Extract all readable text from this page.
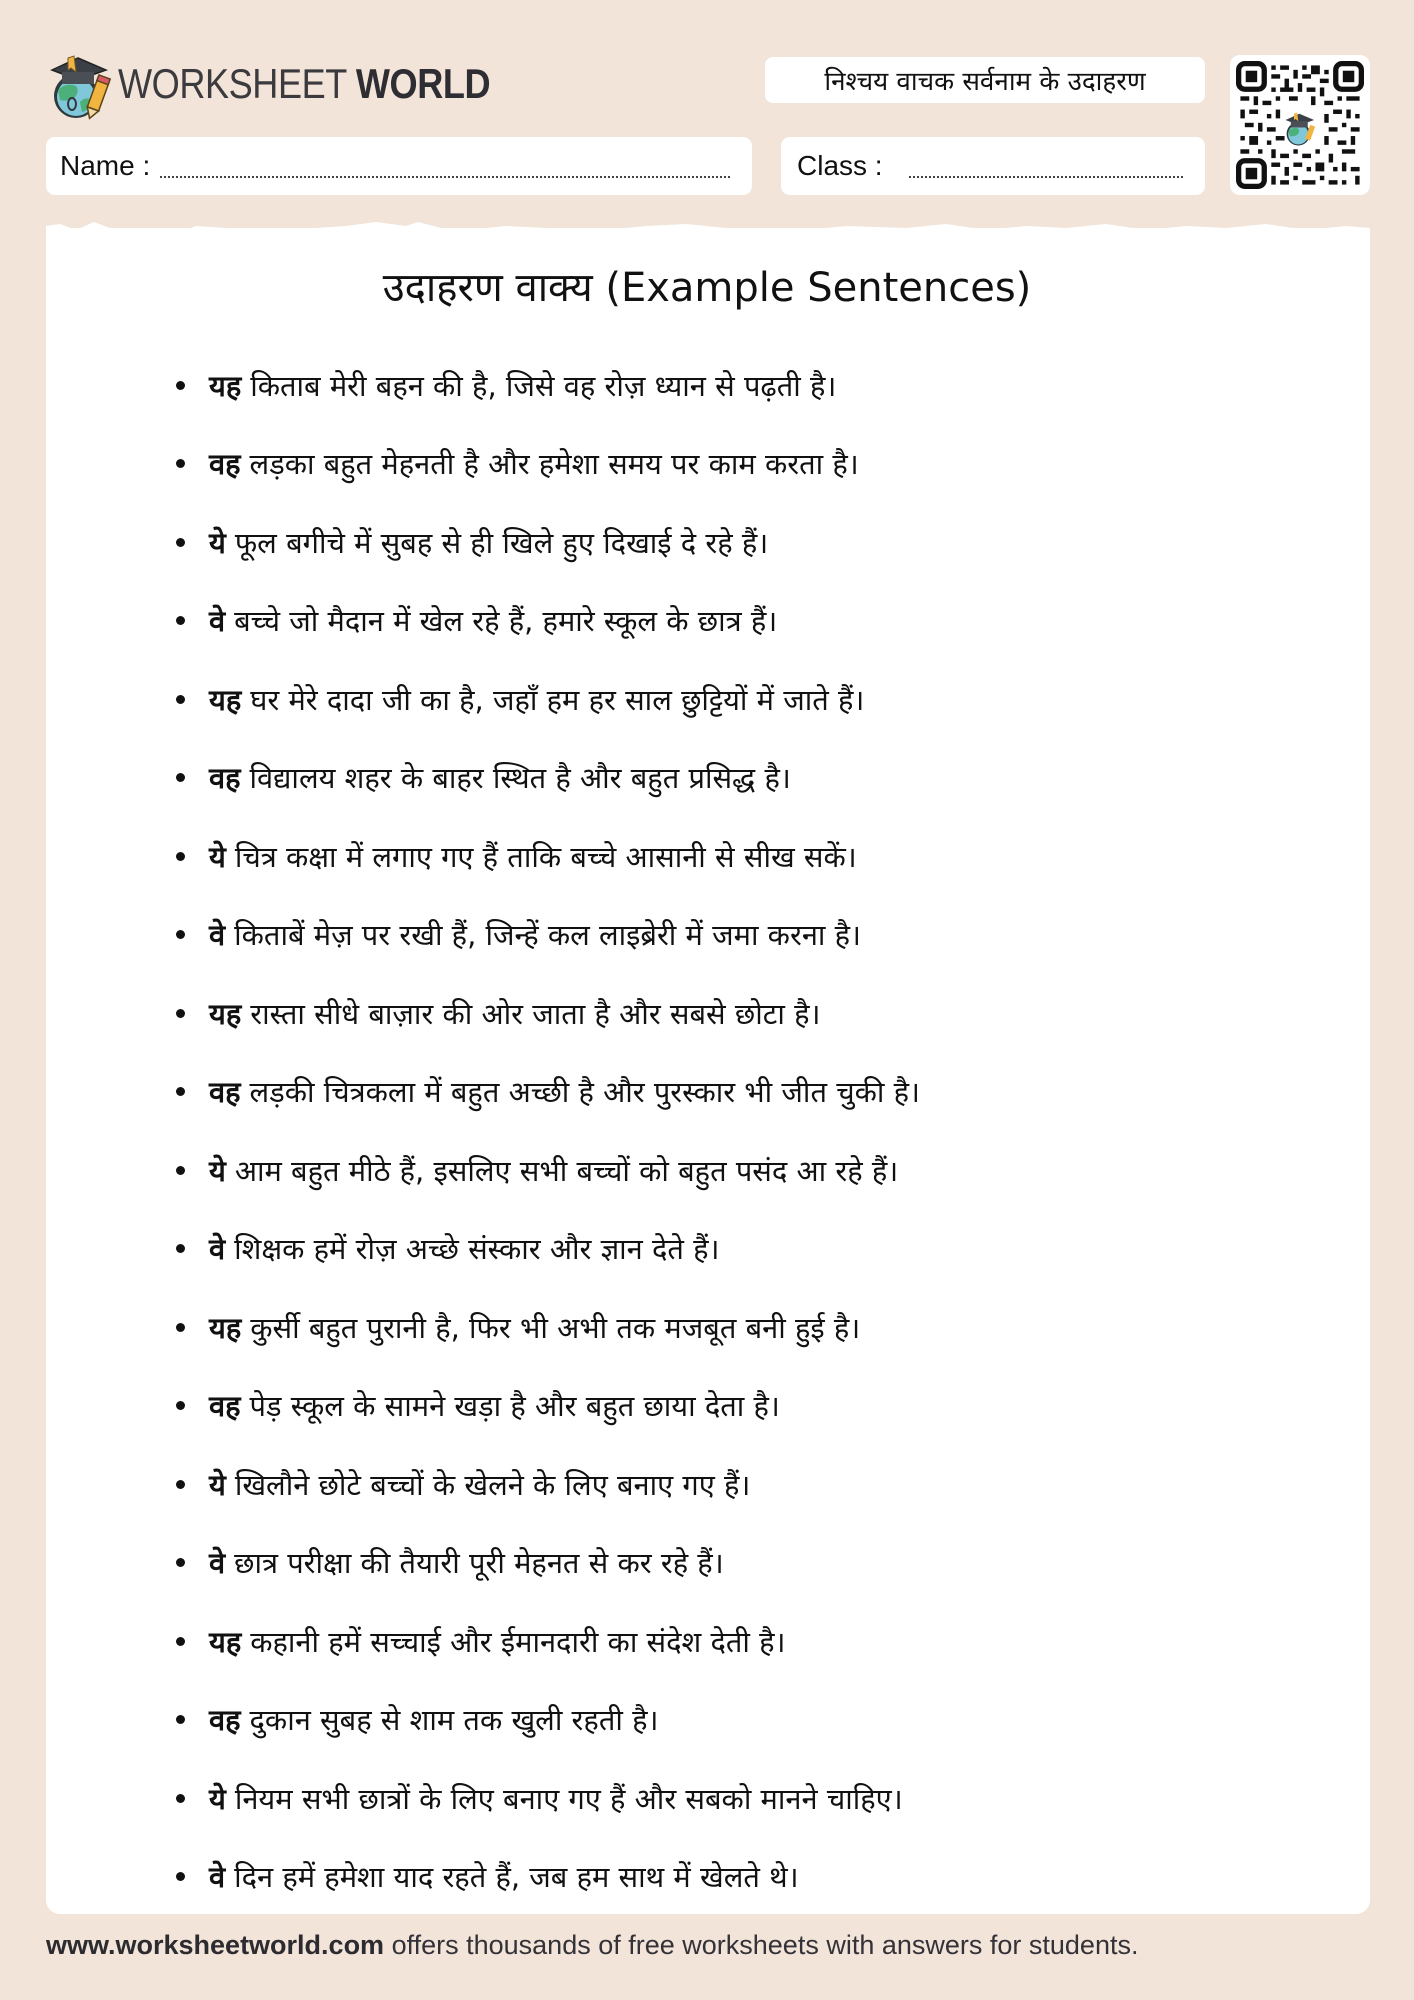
WORKSHEET WORLD	निश्चय वाचक सर्वनाम के उदाहरण
Name :	Class :
उदाहरण वाक्य (Example Sentences)
यह किताब मेरी बहन की है, जिसे वह रोज़ ध्यान से पढ़ती है।
वह लड़का बहुत मेहनती है और हमेशा समय पर काम करता है।
ये फूल बगीचे में सुबह से ही खिले हुए दिखाई दे रहे हैं।
वे बच्चे जो मैदान में खेल रहे हैं, हमारे स्कूल के छात्र हैं।
यह घर मेरे दादा जी का है, जहाँ हम हर साल छुट्टियों में जाते हैं।
वह विद्यालय शहर के बाहर स्थित है और बहुत प्रसिद्ध है।
ये चित्र कक्षा में लगाए गए हैं ताकि बच्चे आसानी से सीख सकें।
वे किताबें मेज़ पर रखी हैं, जिन्हें कल लाइब्रेरी में जमा करना है।
यह रास्ता सीधे बाज़ार की ओर जाता है और सबसे छोटा है।
वह लड़की चित्रकला में बहुत अच्छी है और पुरस्कार भी जीत चुकी है।
ये आम बहुत मीठे हैं, इसलिए सभी बच्चों को बहुत पसंद आ रहे हैं।
वे शिक्षक हमें रोज़ अच्छे संस्कार और ज्ञान देते हैं।
यह कुर्सी बहुत पुरानी है, फिर भी अभी तक मजबूत बनी हुई है।
वह पेड़ स्कूल के सामने खड़ा है और बहुत छाया देता है।
ये खिलौने छोटे बच्चों के खेलने के लिए बनाए गए हैं।
वे छात्र परीक्षा की तैयारी पूरी मेहनत से कर रहे हैं।
यह कहानी हमें सच्चाई और ईमानदारी का संदेश देती है।
वह दुकान सुबह से शाम तक खुली रहती है।
ये नियम सभी छात्रों के लिए बनाए गए हैं और सबको मानने चाहिए।
वे दिन हमें हमेशा याद रहते हैं, जब हम साथ में खेलते थे।
www.worksheetworld.com offers thousands of free worksheets with answers for students.
